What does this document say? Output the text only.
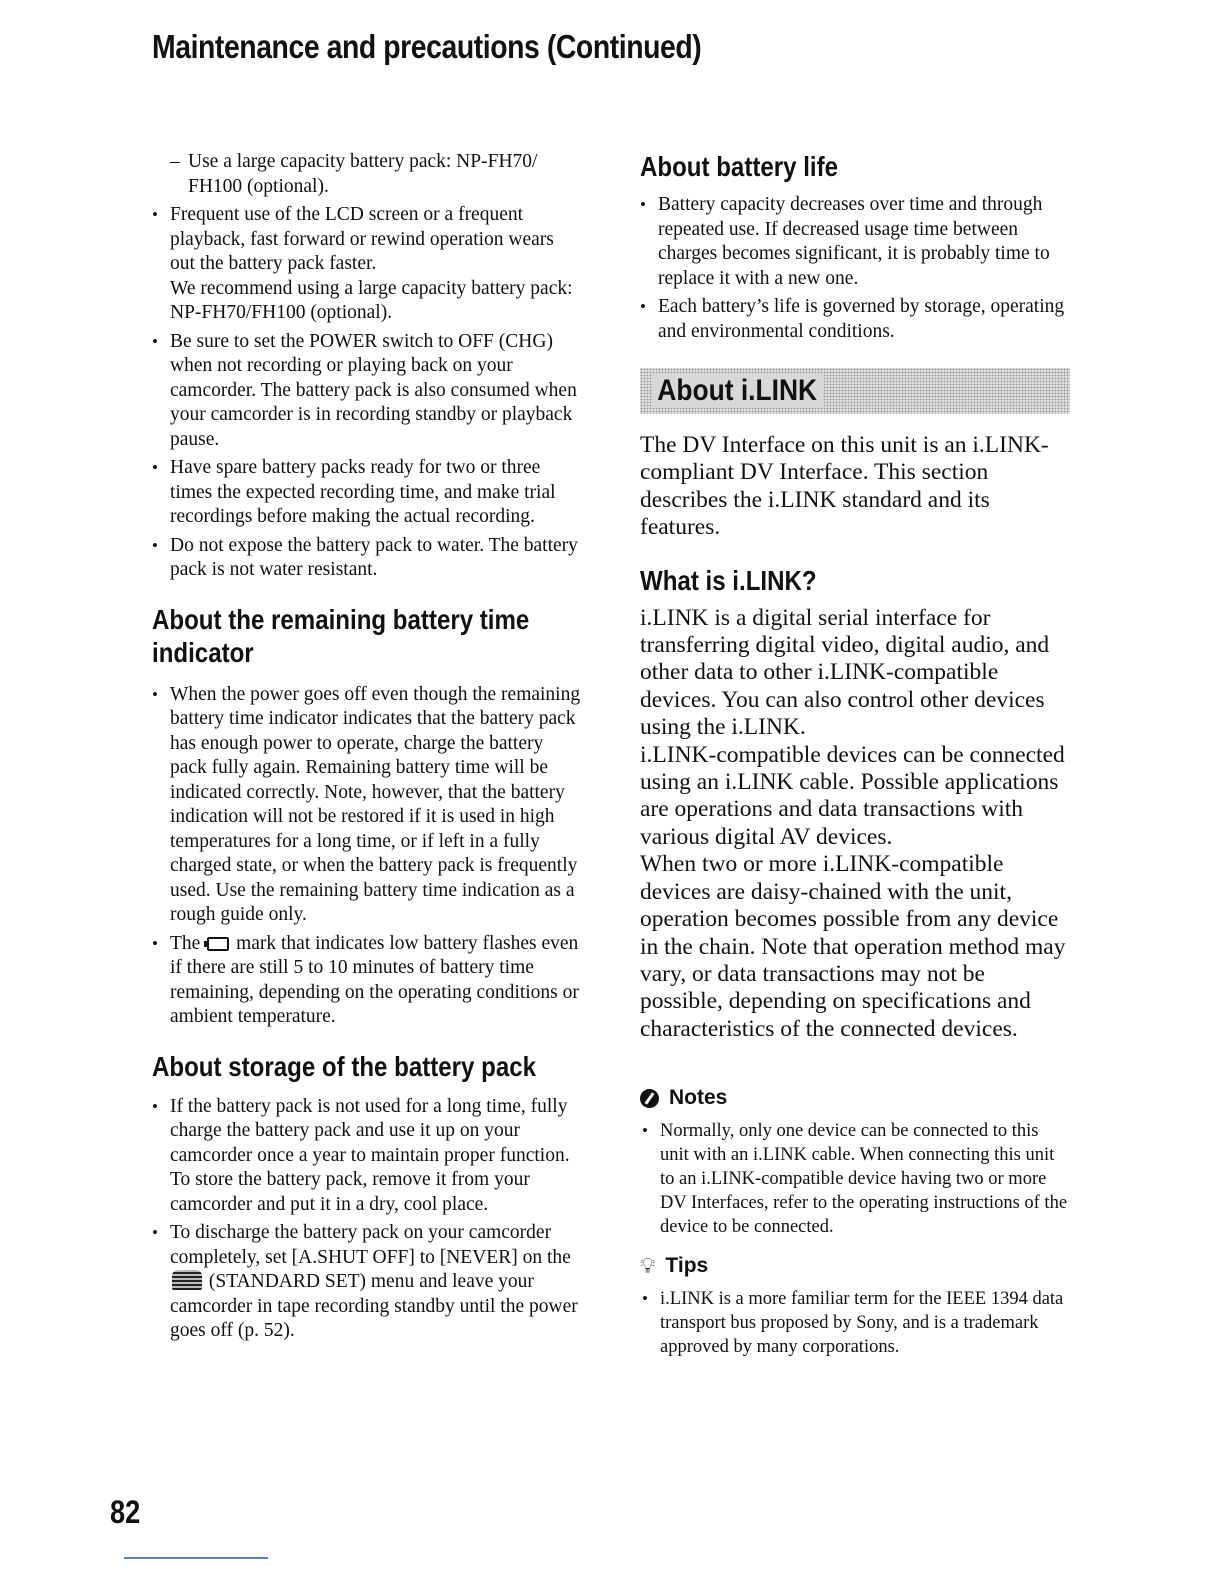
Maintenance and precautions (Continued)
– Use a large capacity battery pack: NP-FH70/ FH100 (optional).
• Frequent use of the LCD screen or a frequent playback, fast forward or rewind operation wears out the battery pack faster.
We recommend using a large capacity battery pack: NP-FH70/FH100 (optional).
• Be sure to set the POWER switch to OFF (CHG) when not recording or playing back on your camcorder. The battery pack is also consumed when your camcorder is in recording standby or playback pause.
• Have spare battery packs ready for two or three times the expected recording time, and make trial recordings before making the actual recording.
• Do not expose the battery pack to water. The battery pack is not water resistant.
About the remaining battery time indicator
• When the power goes off even though the remaining battery time indicator indicates that the battery pack has enough power to operate, charge the battery pack fully again. Remaining battery time will be indicated correctly. Note, however, that the battery indication will not be restored if it is used in high temperatures for a long time, or if left in a fully charged state, or when the battery pack is frequently used. Use the remaining battery time indication as a rough guide only.
• The mark that indicates low battery flashes even if there are still 5 to 10 minutes of battery time remaining, depending on the operating conditions or ambient temperature.
About storage of the battery pack
• If the battery pack is not used for a long time, fully charge the battery pack and use it up on your camcorder once a year to maintain proper function. To store the battery pack, remove it from your camcorder and put it in a dry, cool place.
• To discharge the battery pack on your camcorder completely, set [A.SHUT OFF] to [NEVER] on the  (STANDARD SET) menu and leave your camcorder in tape recording standby until the power goes off (p. 52).
About battery life
• Battery capacity decreases over time and through repeated use. If decreased usage time between charges becomes significant, it is probably time to replace it with a new one.
• Each battery’s life is governed by storage, operating and environmental conditions.
About i.LINK

The DV Interface on this unit is an i.LINK-compliant DV Interface. This section describes the i.LINK standard and its features.

What is i.LINK?

i.LINK is a digital serial interface for transferring digital video, digital audio, and other data to other i.LINK-compatible devices. You can also control other devices using the i.LINK.

i.LINK-compatible devices can be connected using an i.LINK cable. Possible applications are operations and data transactions with various digital AV devices.

When two or more i.LINK-compatible devices are daisy-chained with the unit, operation becomes possible from any device in the chain. Note that operation method may vary, or data transactions may not be possible, depending on specifications and characteristics of the connected devices.

Notes
• Normally, only one device can be connected to this unit with an i.LINK cable. When connecting this unit to an i.LINK-compatible device having two or more DV Interfaces, refer to the operating instructions of the device to be connected.
💡︎ Tips
• i.LINK is a more familiar term for the IEEE 1394 data transport bus proposed by Sony, and is a trademark approved by many corporations.

82
